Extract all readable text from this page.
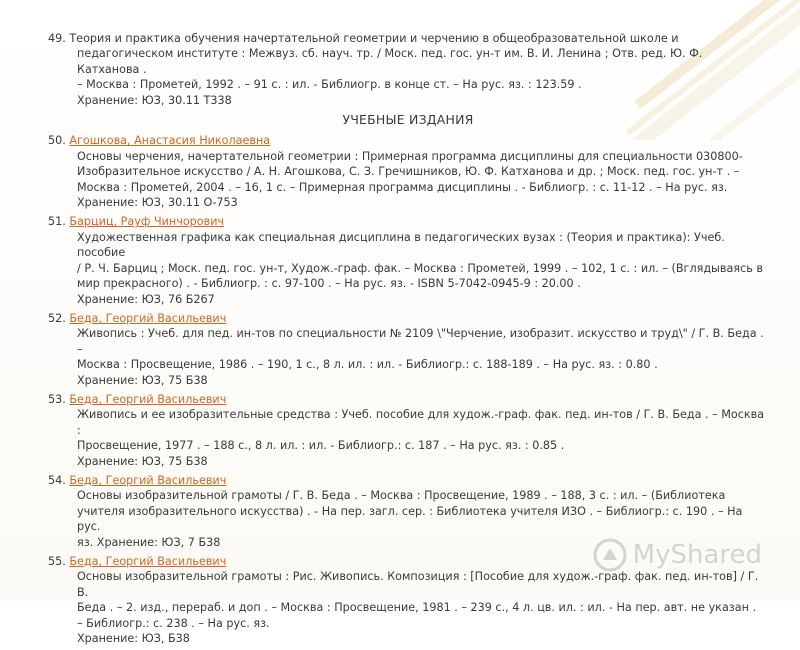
49. Теория и практика обучения начертательной геометрии и черчению в общеобразовательной школе и
педагогическом институте : Межвуз. сб. науч. тр. / Моск. пед. гос. ун-т им. В. И. Ленина ; Отв. ред. Ю. Ф. Катханова .
– Москва : Прометей, 1992 . – 91 с. : ил. - Библиогр. в конце ст. – На рус. яз. : 123.59 .
Хранение: ЮЗ, 30.11 Т338
УЧЕБНЫЕ ИЗДАНИЯ
50. Агошкова, Анастасия Николаевна
Основы черчения, начертательной геометрии : Примерная программа дисциплины для специальности 030800-
Изобразительное искусство / А. Н. Агошкова, С. З. Гречишников, Ю. Ф. Катханова и др. ; Моск. пед. гос. ун-т . –
Москва : Прометей, 2004 . – 16, 1 с. – Примерная программа дисциплины . - Библиогр. : с. 11-12 . – На рус. яз.
Хранение: ЮЗ, 30.11 О-753
51. Барциц, Рауф Чинчорович
Художественная графика как специальная дисциплина в педагогических вузах : (Теория и практика): Учеб. пособие
/ Р. Ч. Барциц ; Моск. пед. гос. ун-т, Худож.-граф. фак. – Москва : Прометей, 1999 . – 102, 1 с. : ил. – (Вглядываясь в
мир прекрасного) . - Библиогр. : с. 97-100 . – На рус. яз. - ISBN 5-7042-0945-9 : 20.00 .
Хранение: ЮЗ, 76 Б267
52. Беда, Георгий Васильевич
Живопись : Учеб. для пед. ин-тов по специальности № 2109 \"Черчение, изобразит. искусство и труд\" / Г. В. Беда . –
Москва : Просвещение, 1986 . – 190, 1 с., 8 л. ил. : ил. - Библиогр.: с. 188-189 . – На рус. яз. : 0.80 .
Хранение: ЮЗ, 75 Б38
53. Беда, Георгий Васильевич
Живопись и ее изобразительные средства : Учеб. пособие для худож.-граф. фак. пед. ин-тов / Г. В. Беда . – Москва :
Просвещение, 1977 . – 188 с., 8 л. ил. : ил. - Библиогр.: с. 187 . – На рус. яз. : 0.85 .
Хранение: ЮЗ, 75 Б38
54. Беда, Георгий Васильевич
Основы изобразительной грамоты / Г. В. Беда . – Москва : Просвещение, 1989 . – 188, 3 с. : ил. – (Библиотека
учителя изобразительного искусства) . - На пер. загл. сер. : Библиотека учителя ИЗО . – Библиогр.: с. 190 . – На рус.
яз. Хранение: ЮЗ, 7 Б38
55. Беда, Георгий Васильевич
Основы изобразительной грамоты : Рис. Живопись. Композиция : [Пособие для худож.-граф. фак. пед. ин-тов] / Г. В.
Беда . – 2. изд., перераб. и доп . – Москва : Просвещение, 1981 . – 239 с., 4 л. цв. ил. : ил. - На пер. авт. не указан .
– Библиогр.: с. 238 . – На рус. яз.
Хранение: ЮЗ, Б38
MyShared
